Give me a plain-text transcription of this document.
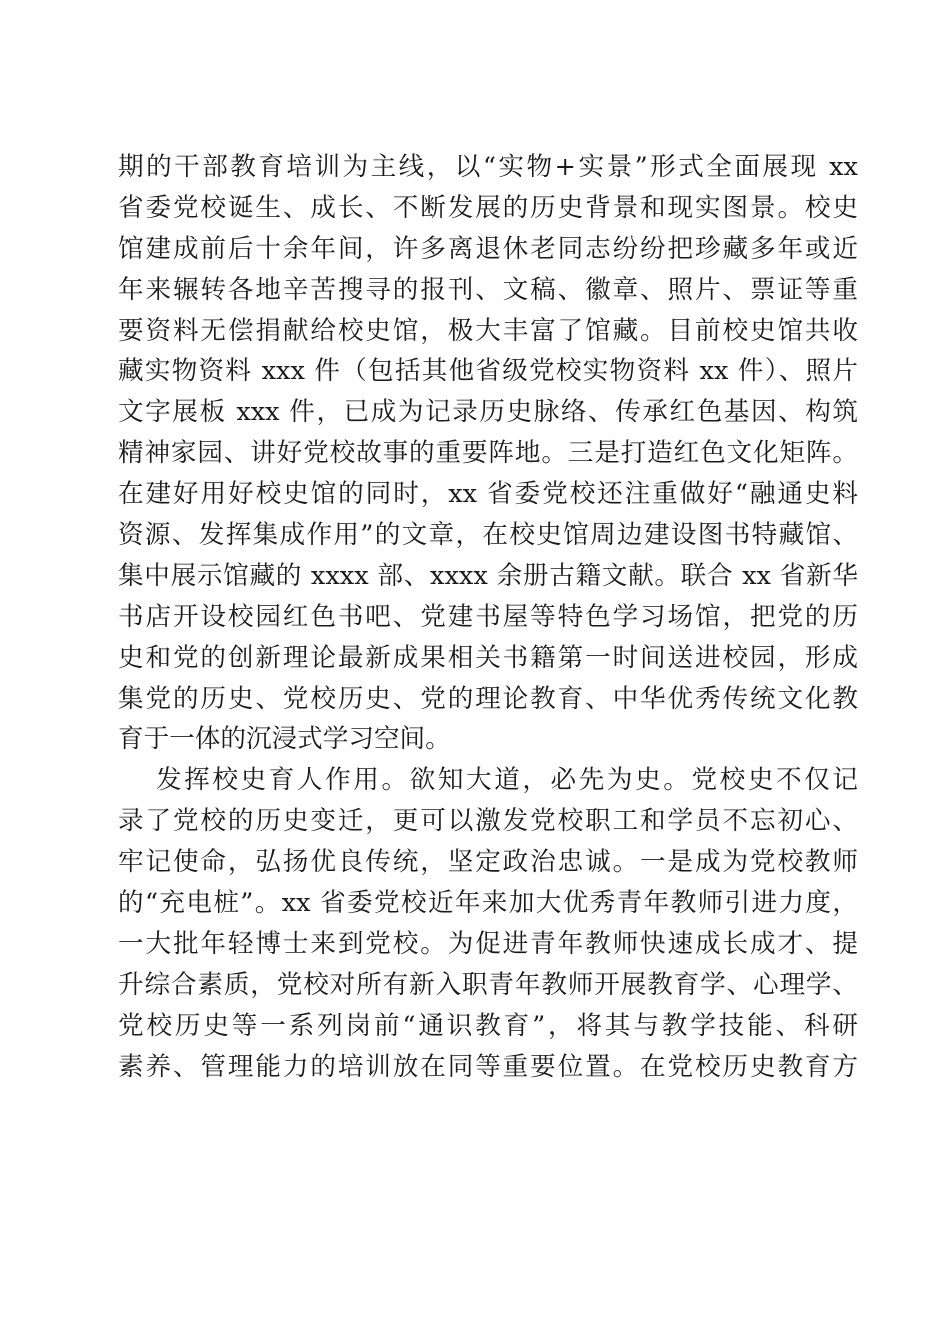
期的干部教育培训为主线，以“实物+实景”形式全面展现 xx
省委党校诞生、成长、不断发展的历史背景和现实图景。校史
馆建成前后十余年间，许多离退休老同志纷纷把珍藏多年或近
年来辗转各地辛苦搜寻的报刊、文稿、徽章、照片、票证等重
要资料无偿捐献给校史馆，极大丰富了馆藏。目前校史馆共收
藏实物资料 xxx 件（包括其他省级党校实物资料 xx 件）、照片
文字展板 xxx 件，已成为记录历史脉络、传承红色基因、构筑
精神家园、讲好党校故事的重要阵地。三是打造红色文化矩阵。
在建好用好校史馆的同时，xx 省委党校还注重做好“融通史料
资源、发挥集成作用”的文章，在校史馆周边建设图书特藏馆、
集中展示馆藏的 xxxx 部、xxxx 余册古籍文献。联合 xx 省新华
书店开设校园红色书吧、党建书屋等特色学习场馆，把党的历
史和党的创新理论最新成果相关书籍第一时间送进校园，形成
集党的历史、党校历史、党的理论教育、中华优秀传统文化教
育于一体的沉浸式学习空间。
发挥校史育人作用。欲知大道，必先为史。党校史不仅记
录了党校的历史变迁，更可以激发党校职工和学员不忘初心、
牢记使命，弘扬优良传统，坚定政治忠诚。一是成为党校教师
的“充电桩”。xx 省委党校近年来加大优秀青年教师引进力度，
一大批年轻博士来到党校。为促进青年教师快速成长成才、提
升综合素质，党校对所有新入职青年教师开展教育学、心理学、
党校历史等一系列岗前“通识教育”，将其与教学技能、科研
素养、管理能力的培训放在同等重要位置。在党校历史教育方
